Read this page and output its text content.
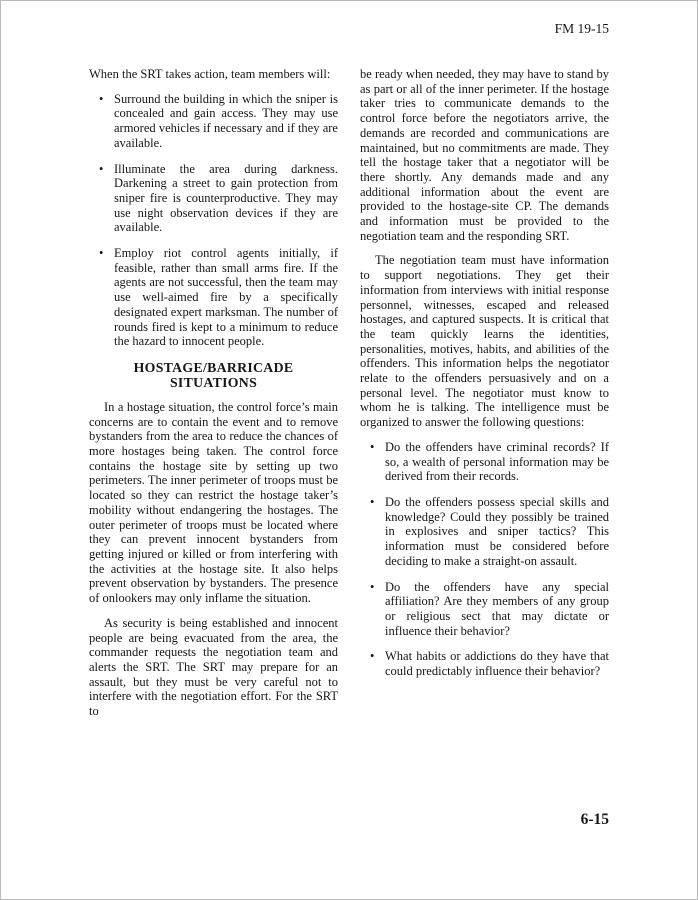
FM 19-15

When the SRT takes action, team members will:

• Surround the building in which the sniper is concealed and gain access. They may use armored vehicles if necessary and if they are available.
• Illuminate the area during darkness. Darkening a street to gain protection from sniper fire is counterproductive. They may use night observation devices if they are available.
• Employ riot control agents initially, if feasible, rather than small arms fire. If the agents are not successful, then the team may use well-aimed fire by a specifically designated expert marksman. The number of rounds fired is kept to a minimum to reduce the hazard to innocent people.
HOSTAGE/BARRICADE
SITUATIONS

In a hostage situation, the control force’s main concerns are to contain the event and to remove bystanders from the area to reduce the chances of more hostages being taken. The control force contains the hostage site by setting up two perimeters. The inner perimeter of troops must be located so they can restrict the hostage taker’s mobility without endangering the hostages. The outer perimeter of troops must be located where they can prevent innocent bystanders from getting injured or killed or from interfering with the activities at the hostage site. It also helps prevent observation by bystanders. The presence of onlookers may only inflame the situation.

As security is being established and innocent people are being evacuated from the area, the commander requests the negotiation team and alerts the SRT. The SRT may prepare for an assault, but they must be very careful not to interfere with the negotiation effort. For the SRT to

be ready when needed, they may have to stand by as part or all of the inner perimeter. If the hostage taker tries to communicate demands to the control force before the negotiators arrive, the demands are recorded and communications are maintained, but no commitments are made. They tell the hostage taker that a negotiator will be there shortly. Any demands made and any additional information about the event are provided to the hostage-site CP. The demands and information must be provided to the negotiation team and the responding SRT.

The negotiation team must have information to support negotiations. They get their information from interviews with initial response personnel, witnesses, escaped and released hostages, and captured suspects. It is critical that the team quickly learns the identities, personalities, motives, habits, and abilities of the offenders. This information helps the negotiator relate to the offenders persuasively and on a personal level. The negotiator must know to whom he is talking. The intelligence must be organized to answer the following questions:

• Do the offenders have criminal records? If so, a wealth of personal information may be derived from their records.
• Do the offenders possess special skills and knowledge? Could they possibly be trained in explosives and sniper tactics? This information must be considered before deciding to make a straight-on assault.
• Do the offenders have any special affiliation? Are they members of any group or religious sect that may dictate or influence their behavior?
• What habits or addictions do they have that could predictably influence their behavior?
6-15
